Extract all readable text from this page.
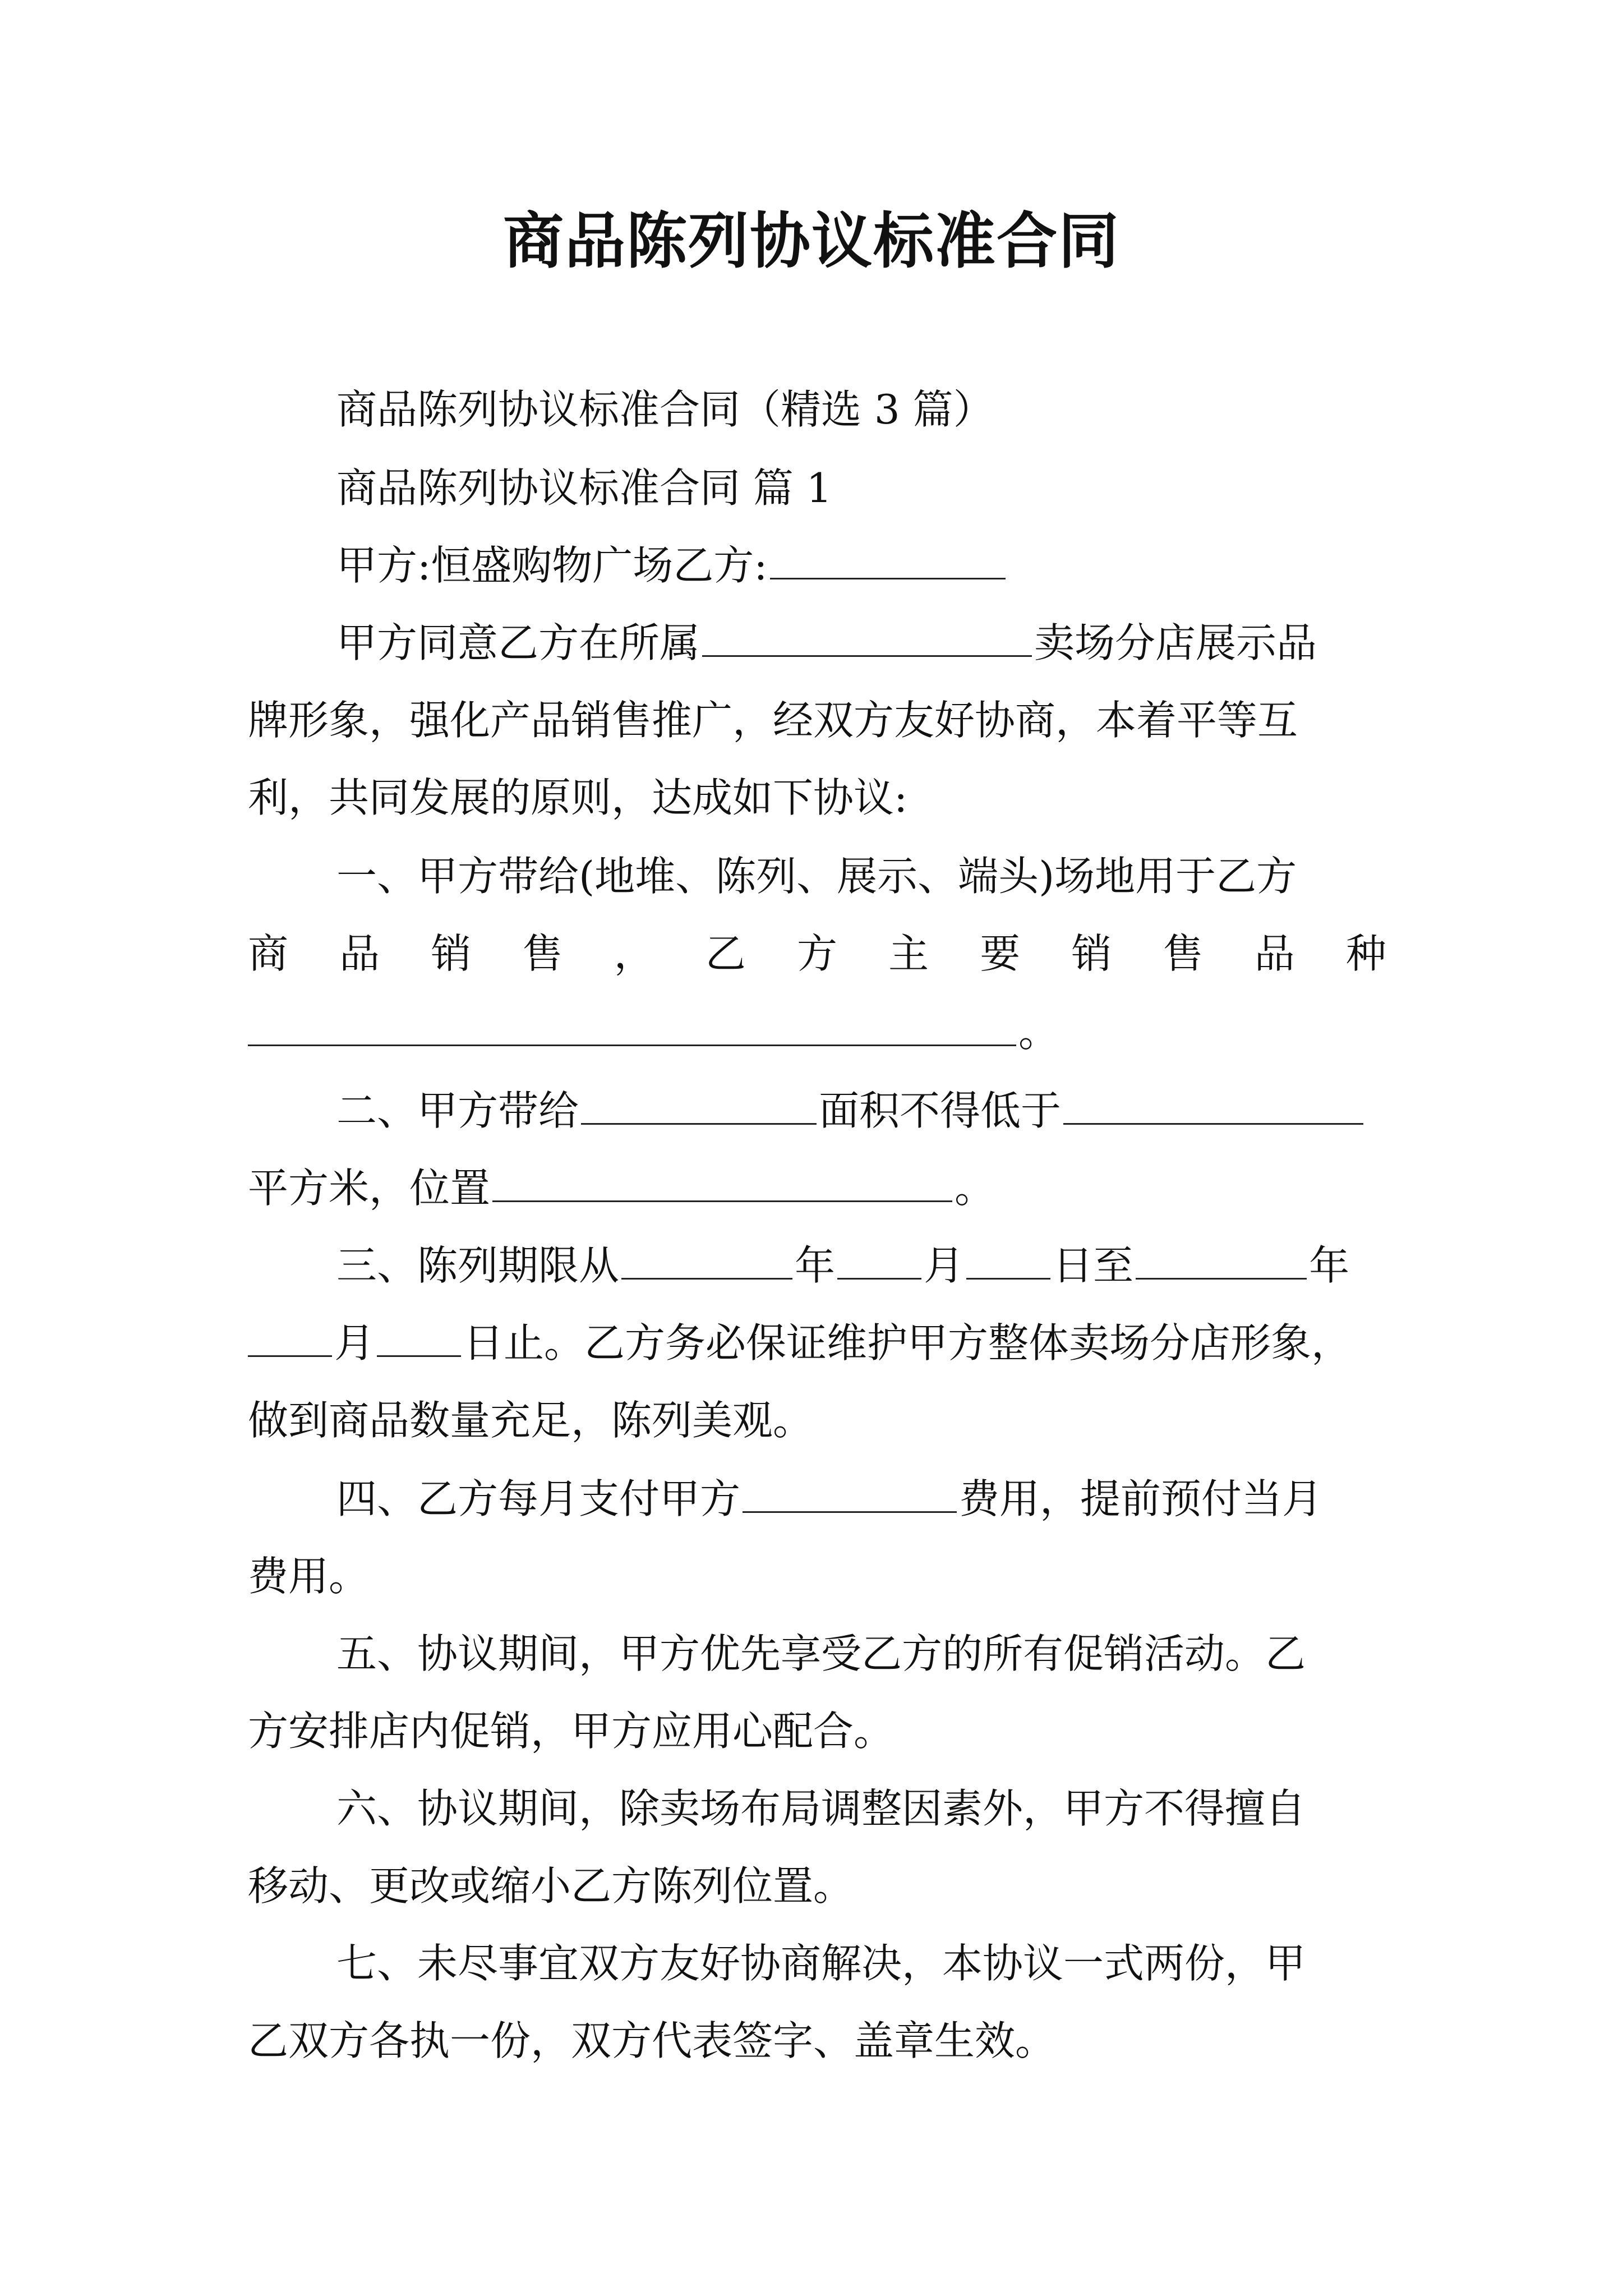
商品陈列协议标准合同
商品陈列协议标准合同（精选 3 篇）
商品陈列协议标准合同 篇 1
甲方:恒盛购物广场乙方:
甲方同意乙方在所属	卖场分店展示品
牌形象，强化产品销售推广，经双方友好协商，本着平等互
利，共同发展的原则，达成如下协议:
一、甲方带给(地堆、陈列、展示、端头)场地用于乙方
商 品 销 售 ， 乙 方 主 要 销 售 品 种
。
二、甲方带给	面积不得低于
平方米，位置	。
三、陈列期限从	年 月 日至	年
月 日止。乙方务必保证维护甲方整体卖场分店形象，
做到商品数量充足，陈列美观。
四、乙方每月支付甲方	费用，提前预付当月
费用。
五、协议期间，甲方优先享受乙方的所有促销活动。乙
方安排店内促销，甲方应用心配合。
六、协议期间，除卖场布局调整因素外，甲方不得擅自
移动、更改或缩小乙方陈列位置。
七、未尽事宜双方友好协商解决，本协议一式两份，甲
乙双方各执一份，双方代表签字、盖章生效。
